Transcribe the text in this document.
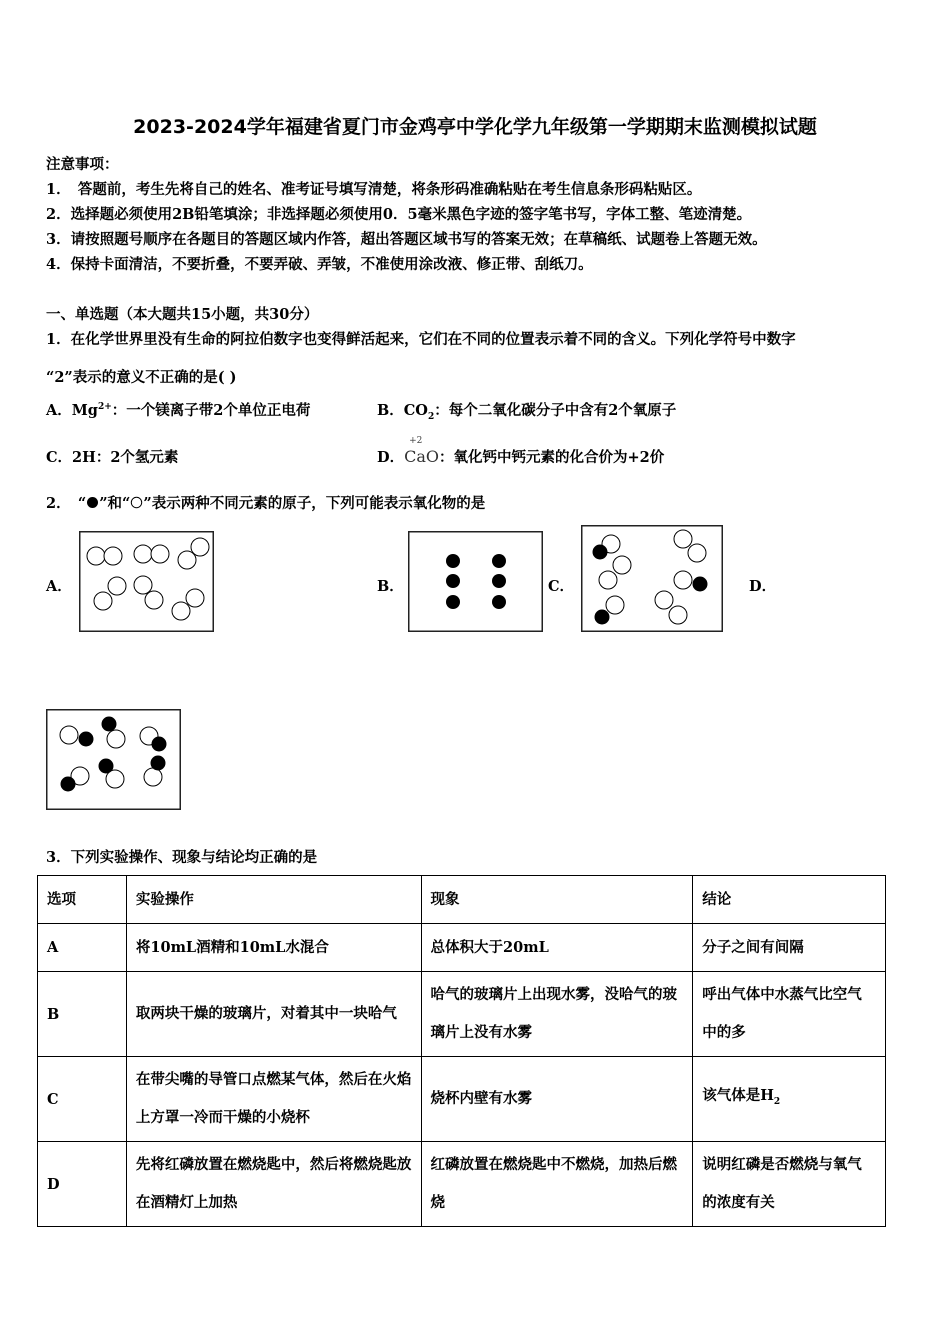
2023-2024学年福建省夏门市金鸡亭中学化学九年级第一学期期末监测模拟试题
注意事项：
1．　答题前，考生先将自己的姓名、准考证号填写清楚，将条形码准确粘贴在考生信息条形码粘贴区。
2．选择题必须使用2B铅笔填涂；非选择题必须使用0．5毫米黑色字迹的签字笔书写，字体工整、笔迹清楚。
3．请按照题号顺序在各题目的答题区域内作答，超出答题区域书写的答案无效；在草稿纸、试题卷上答题无效。
4．保持卡面清洁，不要折叠，不要弄破、弄皱，不准使用涂改液、修正带、刮纸刀。
一、单选题（本大题共15小题，共30分）
1．在化学世界里没有生命的阿拉伯数字也变得鲜活起来，它们在不同的位置表示着不同的含义。下列化学符号中数字
“2”表示的意义不正确的是( )
A．$Mg^{2+}$：一个镁离子带2个单位正电荷	B．$CO_2$：每个二氧化碳分子中含有2个氧原子
C．2H：2个氢元素	D．
+2
CaO：氧化钙中钙元素的化合价为+2价
2．　“ ”和“ ”表示两种不同元素的原子，下列可能表示氧化物的是
A．	B．	C．	D．
3．下列实验操作、现象与结论均正确的是
选项	实验操作	现象	结论
A	将10mL酒精和10mL水混合	总体积大于20mL	分子之间有间隔
B	取两块干燥的玻璃片，对着其中一块哈气	哈气的玻璃片上出现水雾，没哈气的玻璃片上没有水雾	呼出气体中水蒸气比空气中的多
C	在带尖嘴的导管口点燃某气体，然后在火焰上方罩一冷而干燥的小烧杯	烧杯内壁有水雾	该气体是$H_2$
D	先将红磷放置在燃烧匙中，然后将燃烧匙放在酒精灯上加热	红磷放置在燃烧匙中不燃烧，加热后燃烧	说明红磷是否燃烧与氧气的浓度有关
